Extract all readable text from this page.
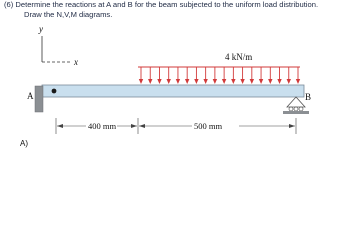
(6) Determine the reactions at A and B for the beam subjected to the uniform load distribution.
Draw the N,V,M diagrams.
y
x	4 kN/m
A	B
400 mm	500 mm
A)
